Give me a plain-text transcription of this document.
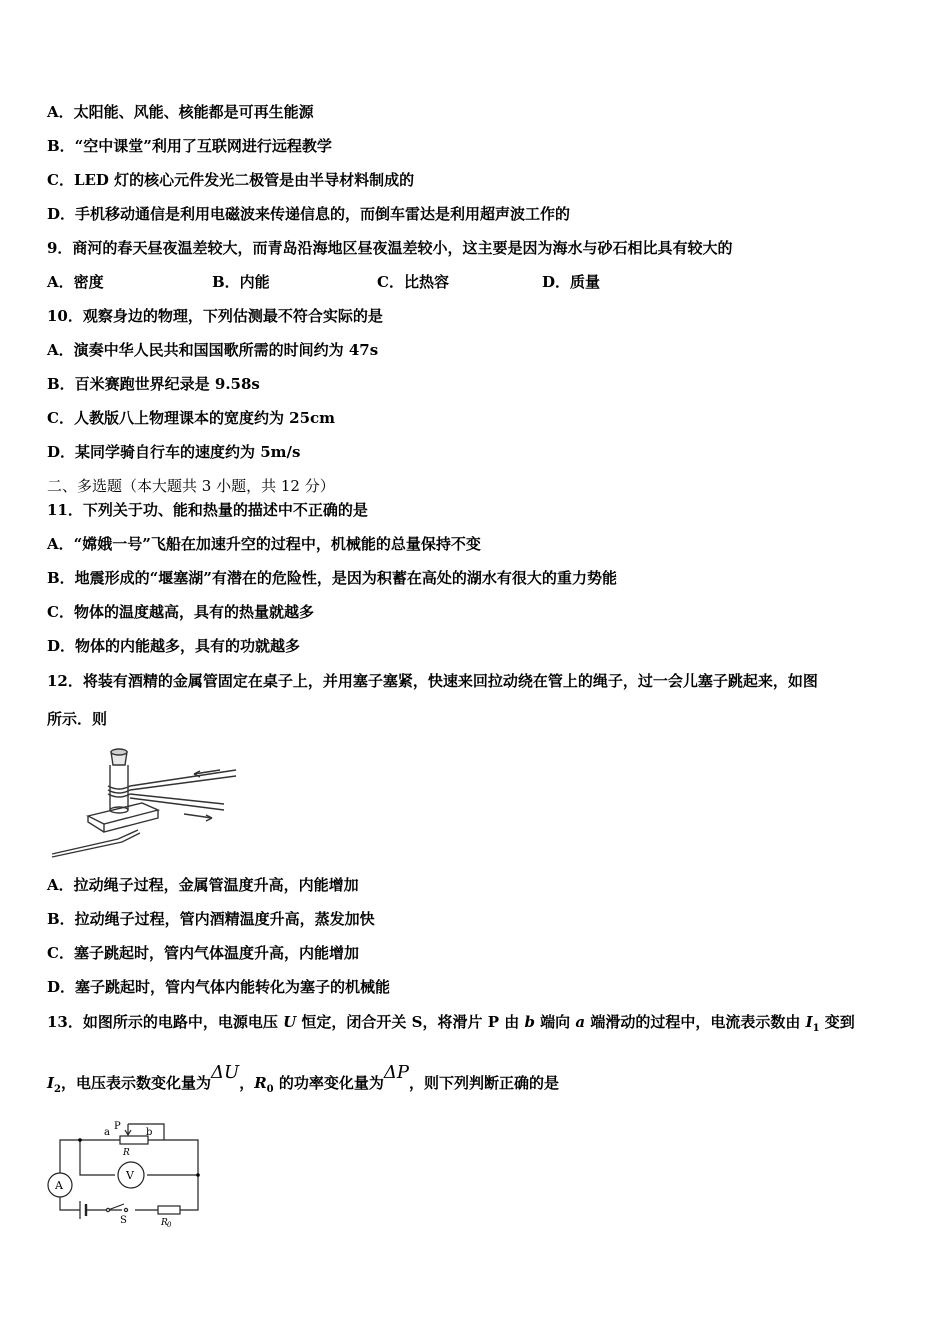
A．太阳能、风能、核能都是可再生能源
B．“空中课堂”利用了互联网进行远程教学
C．LED 灯的核心元件发光二极管是由半导材料制成的
D．手机移动通信是利用电磁波来传递信息的，而倒车雷达是利用超声波工作的
9．商河的春天昼夜温差较大，而青岛沿海地区昼夜温差较小，这主要是因为海水与砂石相比具有较大的
A．密度	B．内能	C．比热容	D．质量
10．观察身边的物理，下列估测最不符合实际的是
A．演奏中华人民共和国国歌所需的时间约为 47s
B．百米赛跑世界纪录是 9.58s
C．人教版八上物理课本的宽度约为 25cm
D．某同学骑自行车的速度约为 5m/s
二、多选题（本大题共 3 小题，共 12 分）
11．下列关于功、能和热量的描述中不正确的是
A．“嫦娥一号”飞船在加速升空的过程中，机械能的总量保持不变
B．地震形成的“堰塞湖”有潜在的危险性，是因为积蓄在高处的湖水有很大的重力势能
C．物体的温度越高，具有的热量就越多
D．物体的内能越多，具有的功就越多
12．将装有酒精的金属管固定在桌子上，并用塞子塞紧，快速来回拉动绕在管上的绳子，过一会儿塞子跳起来，如图
所示．则
A．拉动绳子过程，金属管温度升高，内能增加
B．拉动绳子过程，管内酒精温度升高，蒸发加快
C．塞子跳起时，管内气体温度升高，内能增加
D．塞子跳起时，管内气体内能转化为塞子的机械能
13．如图所示的电路中，电源电压 U 恒定，闭合开关 S，将滑片 P 由 b 端向 a 端滑动的过程中，电流表示数由 $I_1$ 变到
$I_2$，电压表示数变化量为ΔU，$R_0$ 的功率变化量为ΔP，则下列判断正确的是
a
P
b
R
V
A
S	R 0
